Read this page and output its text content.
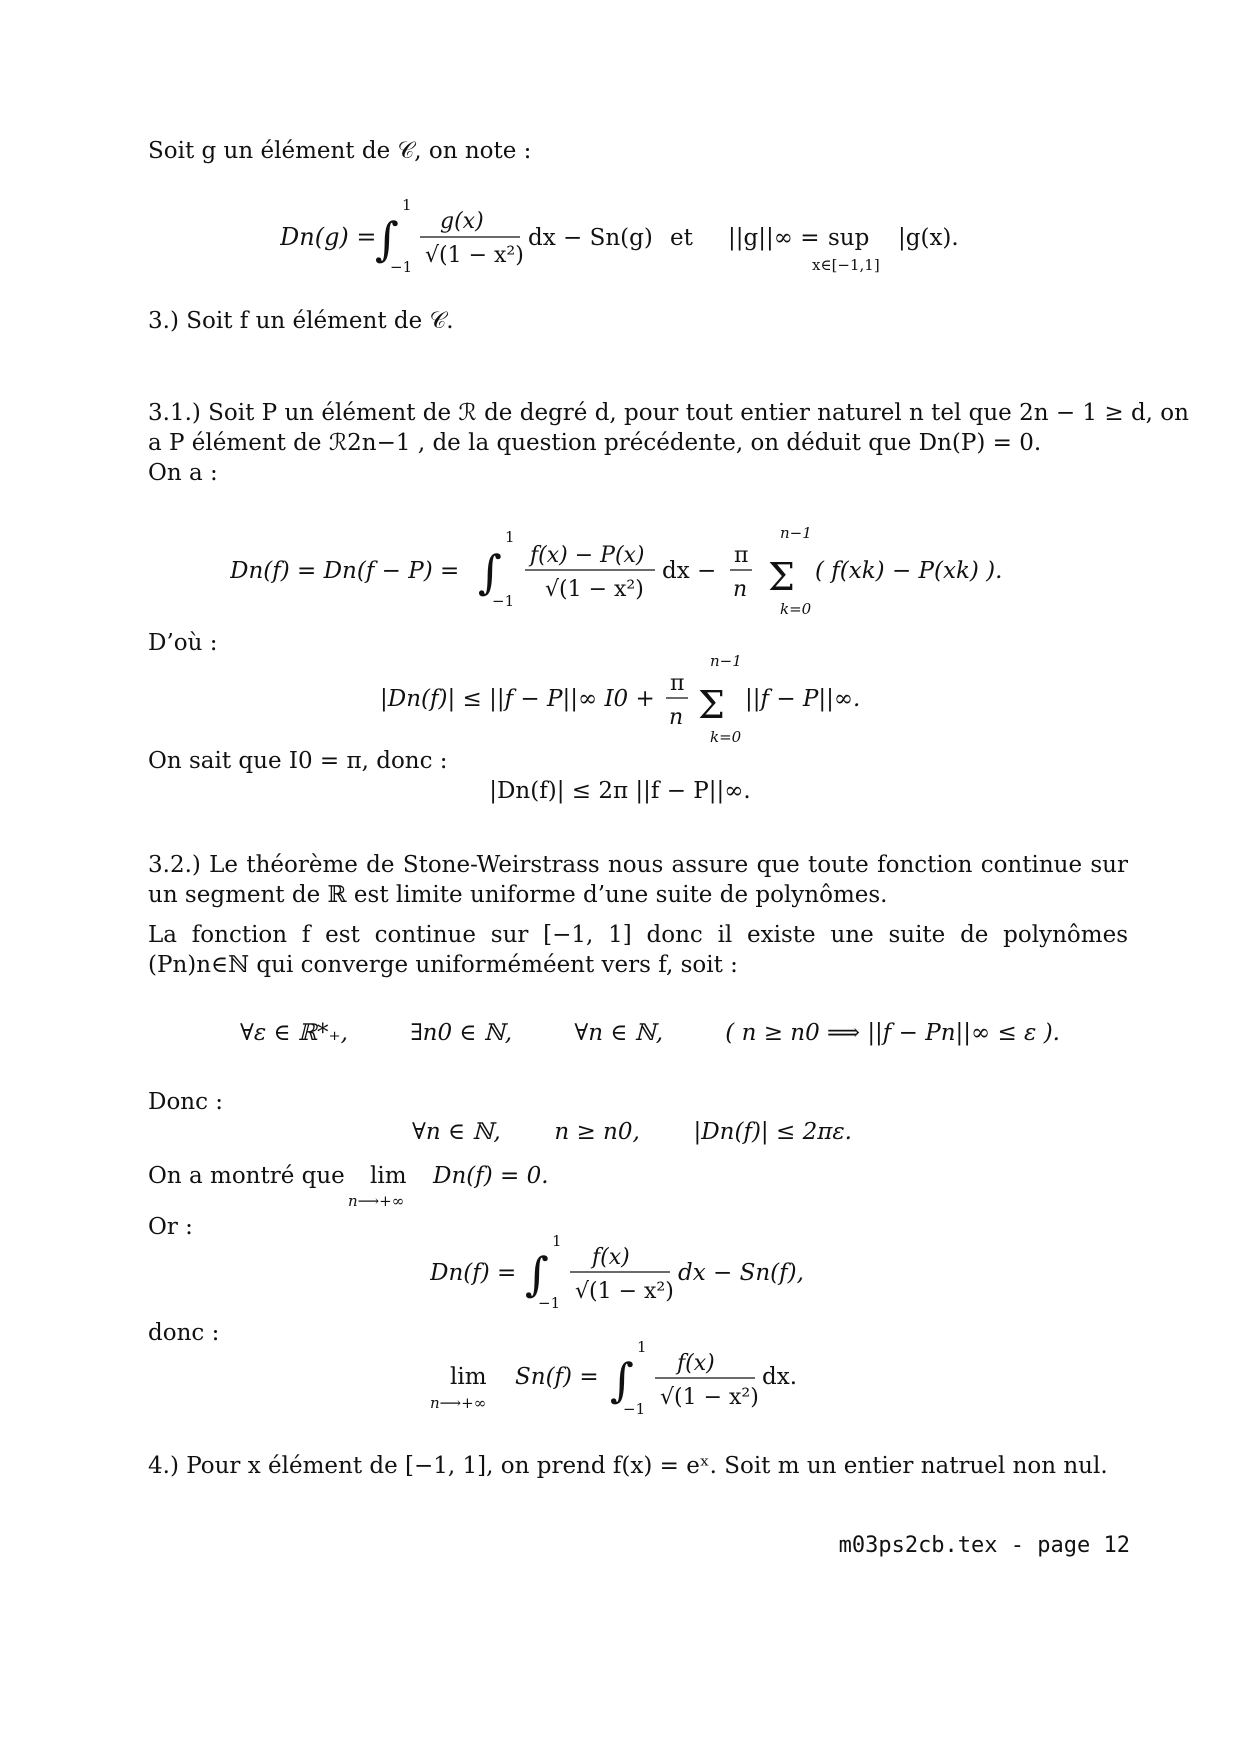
Soit g un élément de 𝒞, on note :
Dn(g) =
∫
1
−1
g(x)
√(1 − x²)
dx − Sn(g) et ||g||∞ = sup
x∈[−1,1]
|g(x).
3.) Soit f un élément de 𝒞.
3.1.) Soit P un élément de ℛ de degré d, pour tout entier naturel n tel que 2n − 1 ≥ d, on
a P élément de ℛ2n−1 , de la question précédente, on déduit que Dn(P) = 0.
On a :
Dn(f) = Dn(f − P) = ∫
1
−1
f(x) − P(x)
√(1 − x²)
dx −
π
n
n−1
Σ
k=0
( f(xk) − P(xk) ).
D’où :
|Dn(f)| ≤ ||f − P||∞ I0 +
π
n
n−1
Σ
k=0
||f − P||∞.
On sait que I0 = π, donc :
|Dn(f)| ≤ 2π ||f − P||∞.
3.2.) Le théorème de Stone-Weirstrass nous assure que toute fonction continue sur un segment de ℝ est limite uniforme d’une suite de polynômes.
La fonction f est continue sur [−1, 1] donc il existe une suite de polynômes (Pn)n∈ℕ qui converge uniforméméent vers f, soit :
∀ε ∈ ℝ*₊,	∃n0 ∈ ℕ,	∀n ∈ ℕ,	( n ≥ n0 ⟹ ||f − Pn||∞ ≤ ε ).
Donc :
∀n ∈ ℕ, n ≥ n0, |Dn(f)| ≤ 2πε.
On a montré que lim
n⟶+∞
Dn(f) = 0.
Or :
Dn(f) = ∫
1
−1
f(x)
√(1 − x²)
dx − Sn(f),
donc :
lim
n⟶+∞
Sn(f) = ∫
1
−1
f(x)
√(1 − x²)
dx.
4.) Pour x élément de [−1, 1], on prend f(x) = eˣ. Soit m un entier natruel non nul.
m03ps2cb.tex - page 12
